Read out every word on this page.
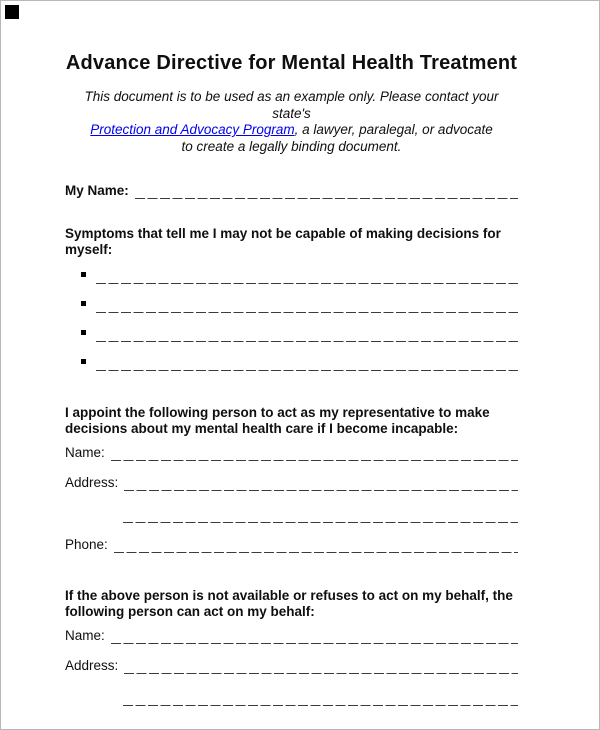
Advance Directive for Mental Health Treatment
This document is to be used as an example only. Please contact your state's
Protection and Advocacy Program, a lawyer, paralegal, or advocate
to create a legally binding document.
My Name:
Symptoms that tell me I may not be capable of making decisions for
myself:
I appoint the following person to act as my representative to make
decisions about my mental health care if I become incapable:
Name:
Address:
Phone:
If the above person is not available or refuses to act on my behalf, the
following person can act on my behalf:
Name:
Address:
